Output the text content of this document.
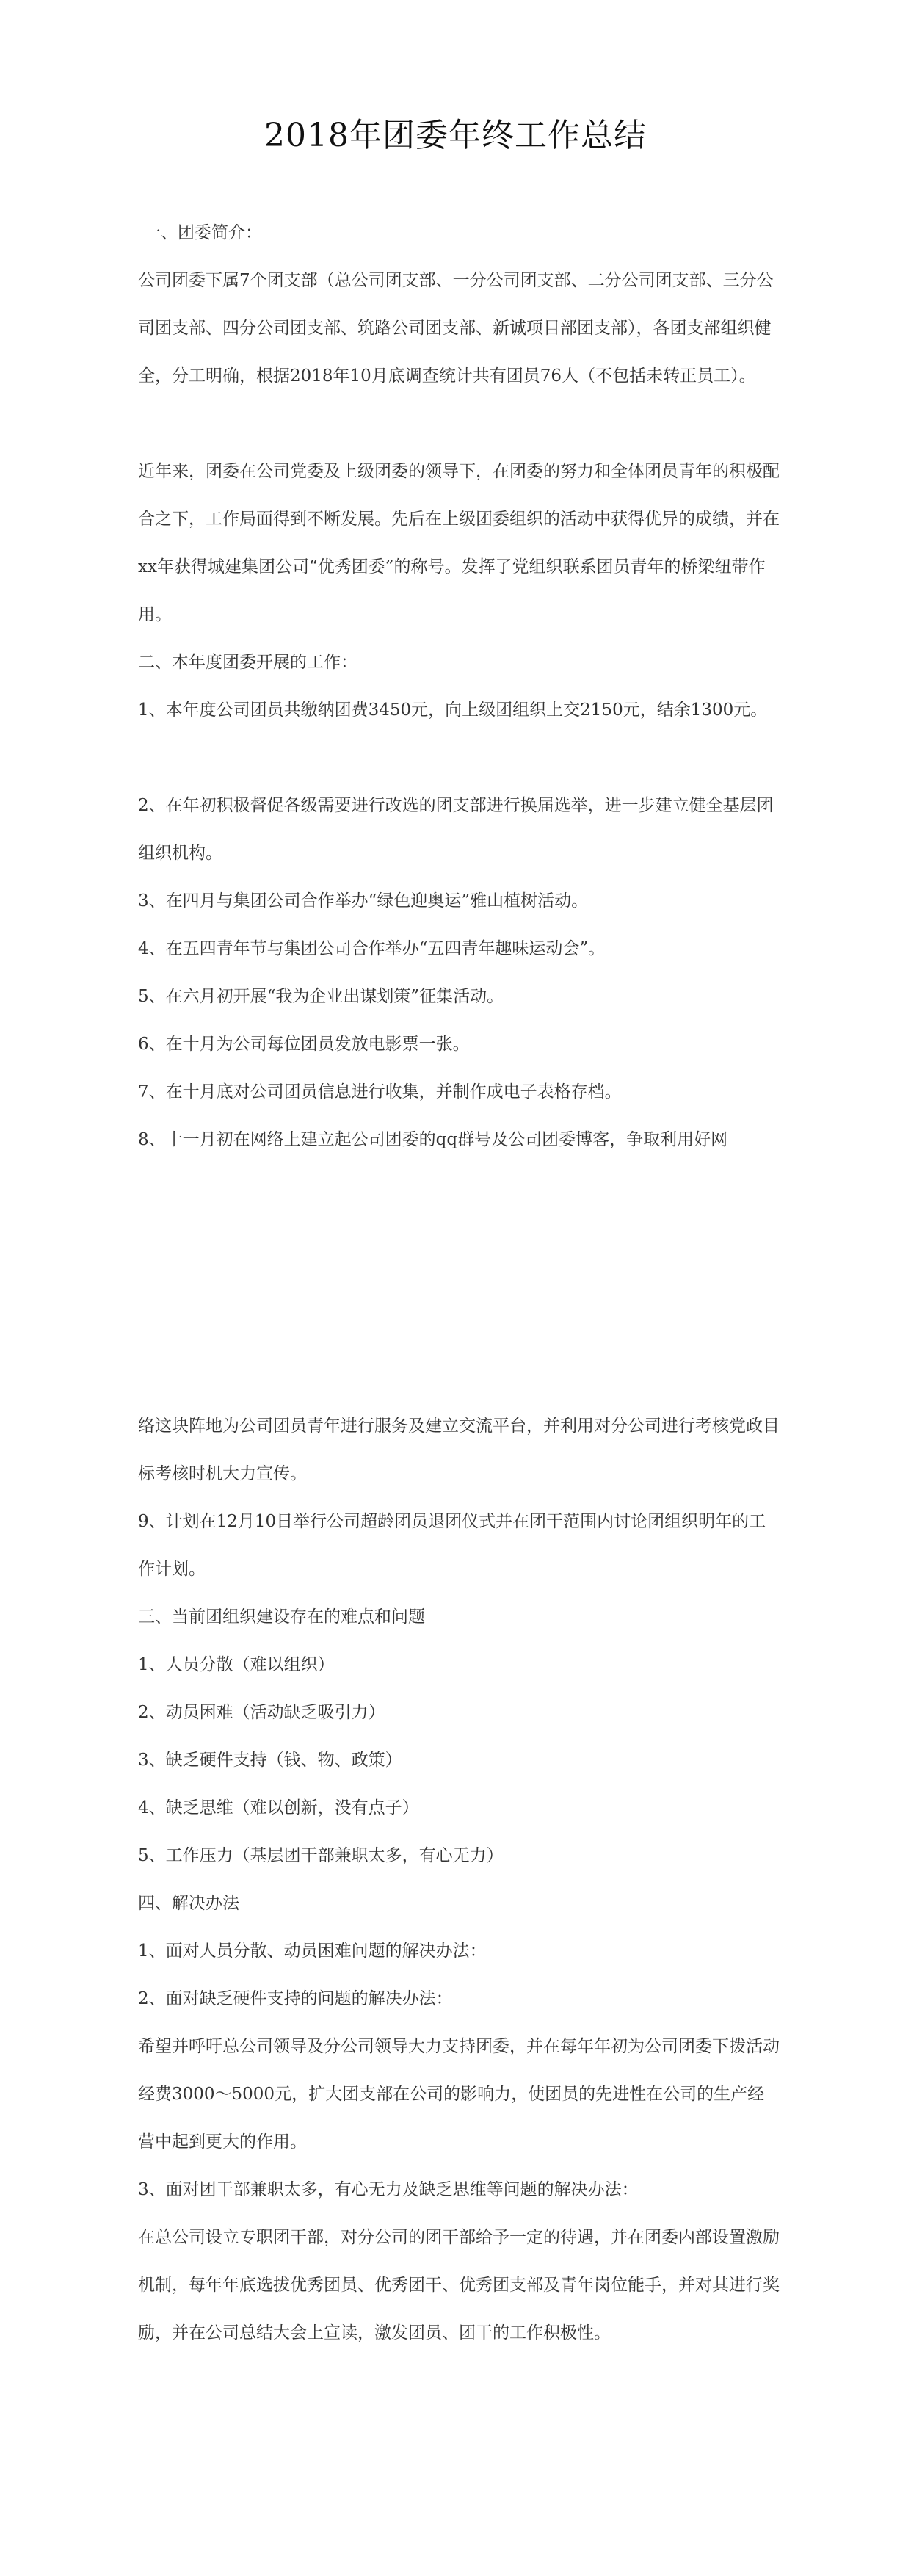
2018年团委年终工作总结
一、团委简介：
公司团委下属7个团支部（总公司团支部、一分公司团支部、二分公司团支部、三分公司团支部、四分公司团支部、筑路公司团支部、新诚项目部团支部），各团支部组织健全，分工明确，根据2018年10月底调查统计共有团员76人（不包括未转正员工）。
近年来，团委在公司党委及上级团委的领导下，在团委的努力和全体团员青年的积极配合之下，工作局面得到不断发展。先后在上级团委组织的活动中获得优异的成绩，并在xx年获得城建集团公司“优秀团委”的称号。发挥了党组织联系团员青年的桥梁纽带作用。
二、本年度团委开展的工作：
1、本年度公司团员共缴纳团费3450元，向上级团组织上交2150元，结余1300元。
2、在年初积极督促各级需要进行改选的团支部进行换届选举，进一步建立健全基层团组织机构。
3、在四月与集团公司合作举办“绿色迎奥运”雅山植树活动。
4、在五四青年节与集团公司合作举办“五四青年趣味运动会”。
5、在六月初开展“我为企业出谋划策”征集活动。
6、在十月为公司每位团员发放电影票一张。
7、在十月底对公司团员信息进行收集，并制作成电子表格存档。
8、十一月初在网络上建立起公司团委的qq群号及公司团委博客，争取利用好网
络这块阵地为公司团员青年进行服务及建立交流平台，并利用对分公司进行考核党政目标考核时机大力宣传。
9、计划在12月10日举行公司超龄团员退团仪式并在团干范围内讨论团组织明年的工作计划。
三、当前团组织建设存在的难点和问题
1、人员分散（难以组织）
2、动员困难（活动缺乏吸引力）
3、缺乏硬件支持（钱、物、政策）
4、缺乏思维（难以创新，没有点子）
5、工作压力（基层团干部兼职太多，有心无力）
四、解决办法
1、面对人员分散、动员困难问题的解决办法：
2、面对缺乏硬件支持的问题的解决办法：
希望并呼吁总公司领导及分公司领导大力支持团委，并在每年年初为公司团委下拨活动经费3000～5000元，扩大团支部在公司的影响力，使团员的先进性在公司的生产经营中起到更大的作用。
3、面对团干部兼职太多，有心无力及缺乏思维等问题的解决办法：
在总公司设立专职团干部，对分公司的团干部给予一定的待遇，并在团委内部设置激励机制，每年年底选拔优秀团员、优秀团干、优秀团支部及青年岗位能手，并对其进行奖励，并在公司总结大会上宣读，激发团员、团干的工作积极性。
